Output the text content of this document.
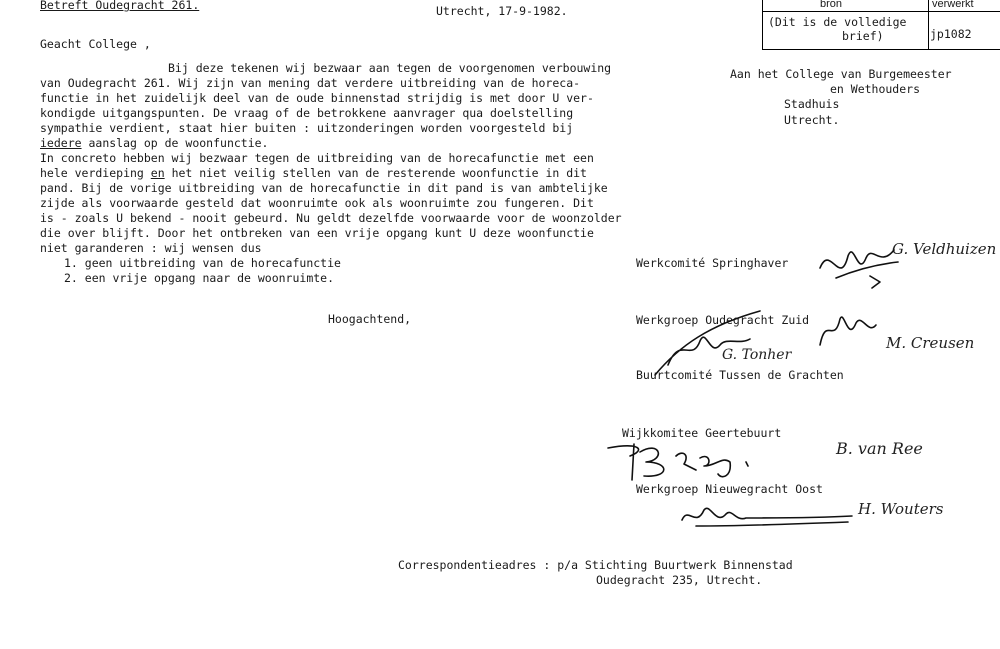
Betreft Oudegracht 261.	Utrecht, 17-9-1982.	bron	verwerkt
(Dit is de volledige
brief)	jp1082
Geacht College ,
Aan het College van Burgemeester
en Wethouders
Stadhuis
Utrecht.
Bij deze tekenen wij bezwaar aan tegen de voorgenomen verbouwing
van Oudegracht 261. Wij zijn van mening dat verdere uitbreiding van de horeca-
functie in het zuidelijk deel van de oude binnenstad strijdig is met door U ver-
kondigde uitgangspunten. De vraag of de betrokkene aanvrager qua doelstelling
sympathie verdient, staat hier buiten : uitzonderingen worden voorgesteld bij
iedere aanslag op de woonfunctie.
In concreto hebben wij bezwaar tegen de uitbreiding van de horecafunctie met een
hele verdieping en het niet veilig stellen van de resterende woonfunctie in dit
pand. Bij de vorige uitbreiding van de horecafunctie in dit pand is van ambtelijke
zijde als voorwaarde gesteld dat woonruimte ook als woonruimte zou fungeren. Dit
is - zoals U bekend - nooit gebeurd. Nu geldt dezelfde voorwaarde voor de woonzolder
die over blijft. Door het ontbreken van een vrije opgang kunt U deze woonfunctie
niet garanderen : wij wensen dus
1. geen uitbreiding van de horecafunctie
2. een vrije opgang naar de woonruimte.
Hoogachtend,
Werkcomité Springhaver
G. Veldhuizen
Werkgroep Oudegracht Zuid
M. Creusen
Buurtcomité Tussen de Grachten
G. Tonher
Wijkkomitee Geertebuurt
B. van Ree
Werkgroep Nieuwegracht Oost
H. Wouters
Correspondentieadres : p/a Stichting Buurtwerk Binnenstad
Oudegracht 235, Utrecht.
